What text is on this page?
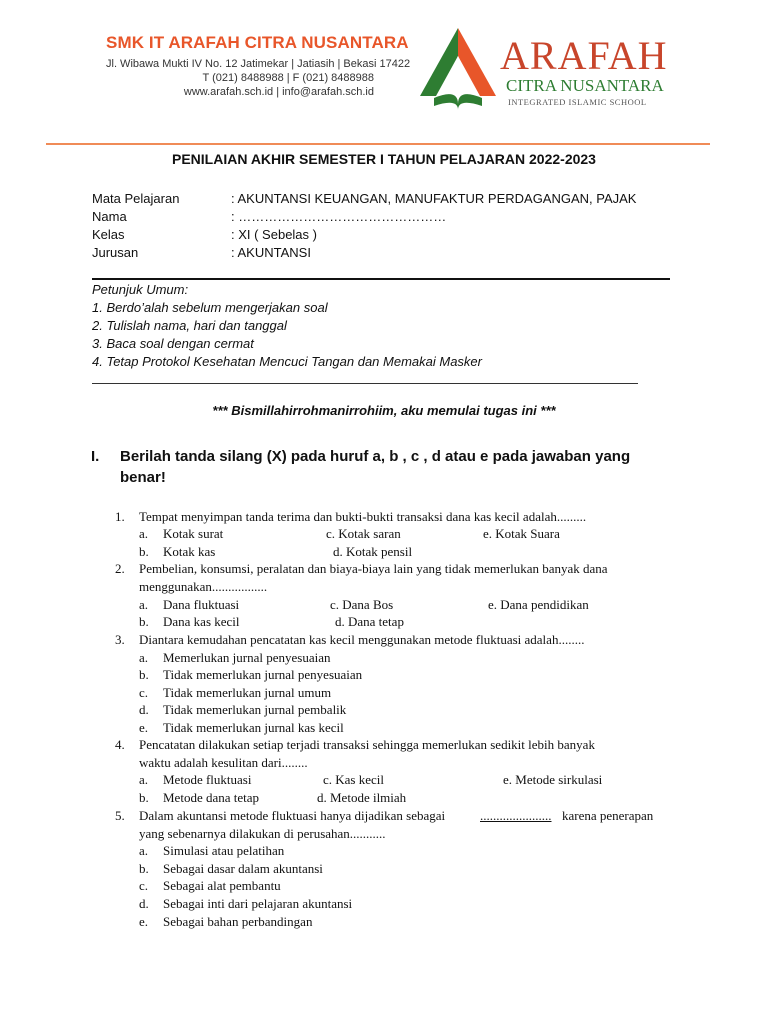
SMK IT ARAFAH CITRA NUSANTARA
Jl. Wibawa Mukti IV No. 12 Jatimekar | Jatiasih | Bekasi 17422
T (021) 8488988 | F (021) 8488988
www.arafah.sch.id | info@arafah.sch.id
ARAFAH
CITRA NUSANTARA
INTEGRATED ISLAMIC SCHOOL
PENILAIAN AKHIR SEMESTER I TAHUN PELAJARAN 2022-2023
Mata Pelajaran	: AKUNTANSI KEUANGAN, MANUFAKTUR PERDAGANGAN, PAJAK
Nama	: …………………………………………
Kelas	: XI ( Sebelas )
Jurusan	: AKUNTANSI
Petunjuk Umum:
1. Berdo’alah sebelum mengerjakan soal
2. Tulislah nama, hari dan tanggal
3. Baca soal dengan cermat
4. Tetap Protokol Kesehatan Mencuci Tangan dan Memakai Masker
*** Bismillahirrohmanirrohiim, aku memulai tugas ini ***
I. Berilah tanda silang (X) pada huruf a, b , c , d atau e pada jawaban yang
benar!
1. Tempat menyimpan tanda terima dan bukti-bukti transaksi dana kas kecil adalah.........
a. Kotak surat	c. Kotak saran	e. Kotak Suara
b. Kotak kas	d. Kotak pensil
2. Pembelian, konsumsi, peralatan dan biaya-biaya lain yang tidak memerlukan banyak dana
menggunakan.................
a. Dana fluktuasi	c. Dana Bos	e. Dana pendidikan
b. Dana kas kecil	d. Dana tetap
3. Diantara kemudahan pencatatan kas kecil menggunakan metode fluktuasi adalah........
a. Memerlukan jurnal penyesuaian
b. Tidak memerlukan jurnal penyesuaian
c. Tidak memerlukan jurnal umum
d. Tidak memerlukan jurnal pembalik
e. Tidak memerlukan jurnal kas kecil
4. Pencatatan dilakukan setiap terjadi transaksi sehingga memerlukan sedikit lebih banyak
waktu adalah kesulitan dari........
a. Metode fluktuasi	c. Kas kecil	e. Metode sirkulasi
b. Metode dana tetap	d. Metode ilmiah
5. Dalam akuntansi metode fluktuasi hanya dijadikan sebagai	...................... karena penerapan
yang sebenarnya dilakukan di perusahan...........
a. Simulasi atau pelatihan
b. Sebagai dasar dalam akuntansi
c. Sebagai alat pembantu
d. Sebagai inti dari pelajaran akuntansi
e. Sebagai bahan perbandingan
